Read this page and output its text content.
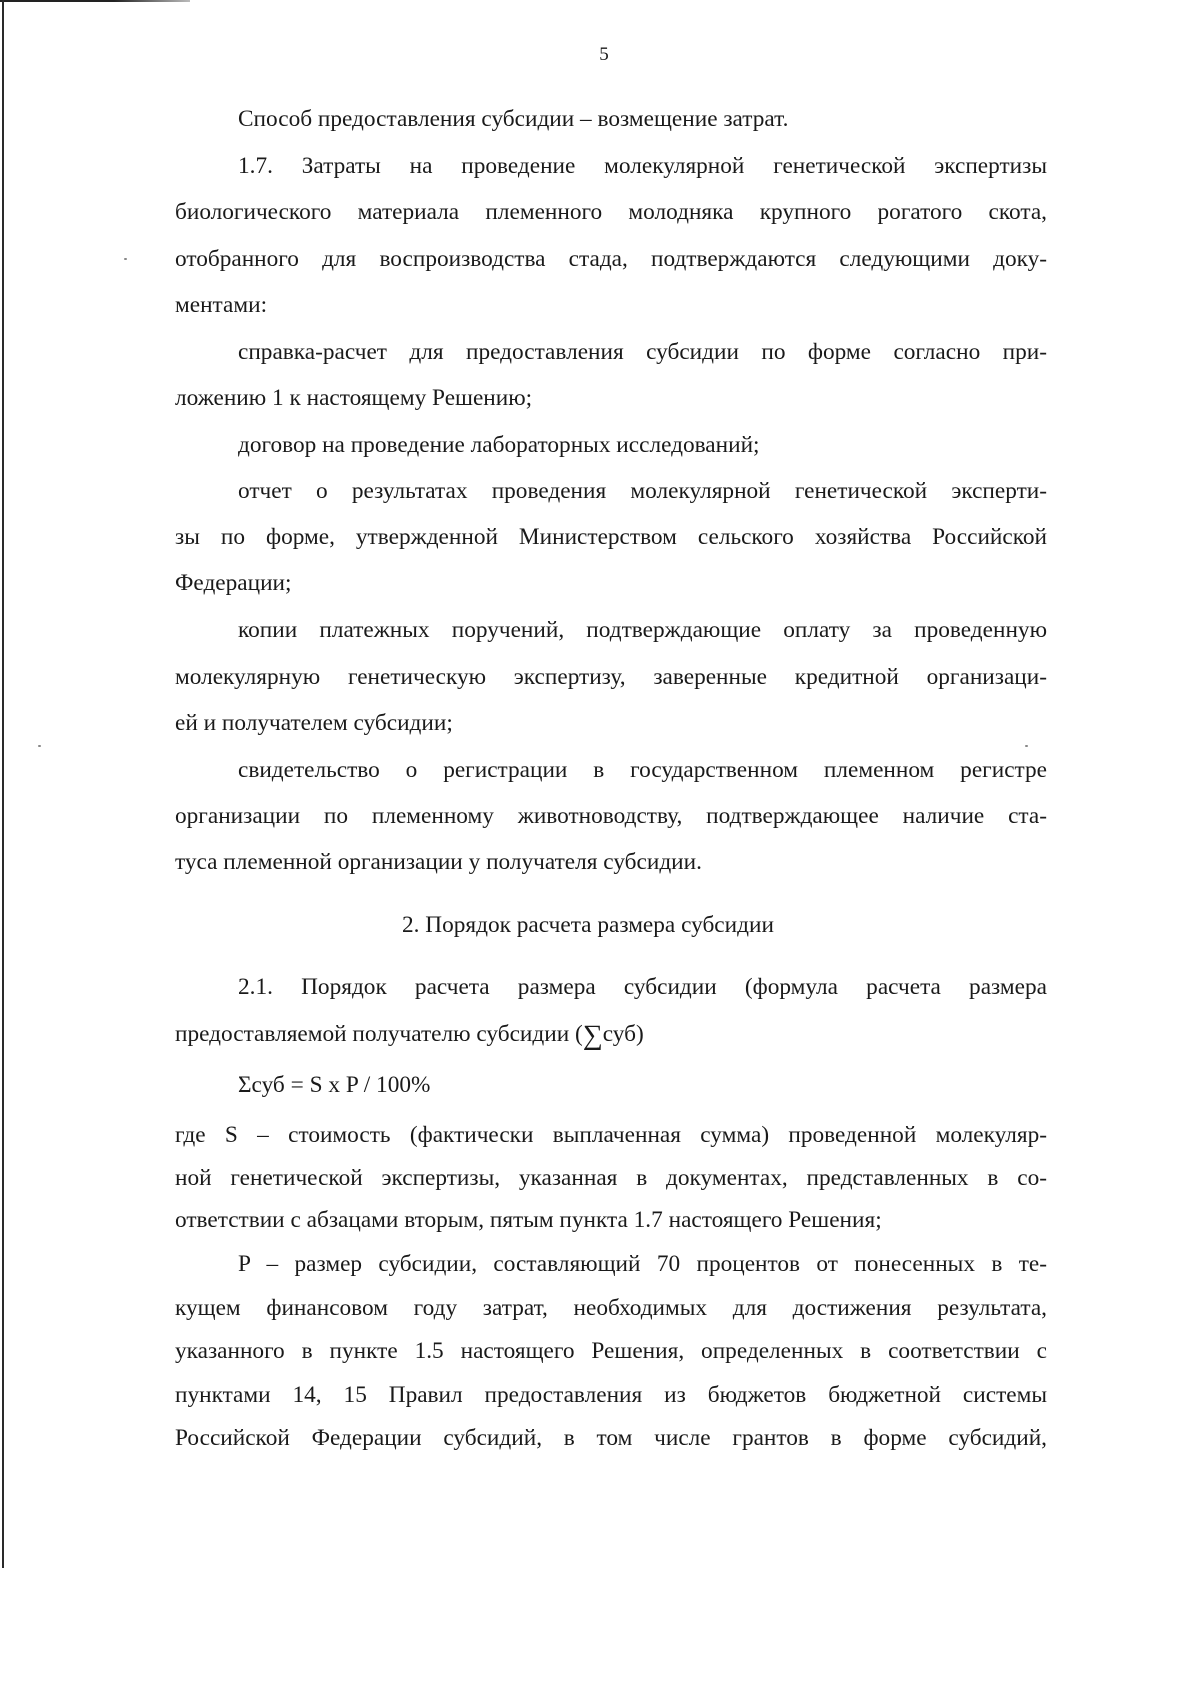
5
Способ предоставления субсидии – возмещение затрат.
1.7. Затраты на проведение молекулярной генетической экспертизы
биологического материала племенного молодняка крупного рогатого скота,
отобранного для воспроизводства стада, подтверждаются следующими доку-
ментами:
справка-расчет для предоставления субсидии по форме согласно при-
ложению 1 к настоящему Решению;
договор на проведение лабораторных исследований;
отчет о результатах проведения молекулярной генетической эксперти-
зы по форме, утвержденной Министерством сельского хозяйства Российской
Федерации;
копии платежных поручений, подтверждающие оплату за проведенную
молекулярную генетическую экспертизу, заверенные кредитной организаци-
ей и получателем субсидии;
свидетельство о регистрации в государственном племенном регистре
организации по племенному животноводству, подтверждающее наличие ста-
туса племенной организации у получателя субсидии.
2. Порядок расчета размера субсидии
2.1. Порядок расчета размера субсидии (формула расчета размера
предоставляемой получателю субсидии (∑суб)
Σсуб = S х P / 100%
где S – стоимость (фактически выплаченная сумма) проведенной молекуляр-
ной генетической экспертизы, указанная в документах, представленных в со-
ответствии с абзацами вторым, пятым пункта 1.7 настоящего Решения;
P – размер субсидии, составляющий 70 процентов от понесенных в те-
кущем финансовом году затрат, необходимых для достижения результата,
указанного в пункте 1.5 настоящего Решения, определенных в соответствии с
пунктами 14, 15 Правил предоставления из бюджетов бюджетной системы
Российской Федерации субсидий, в том числе грантов в форме субсидий,
